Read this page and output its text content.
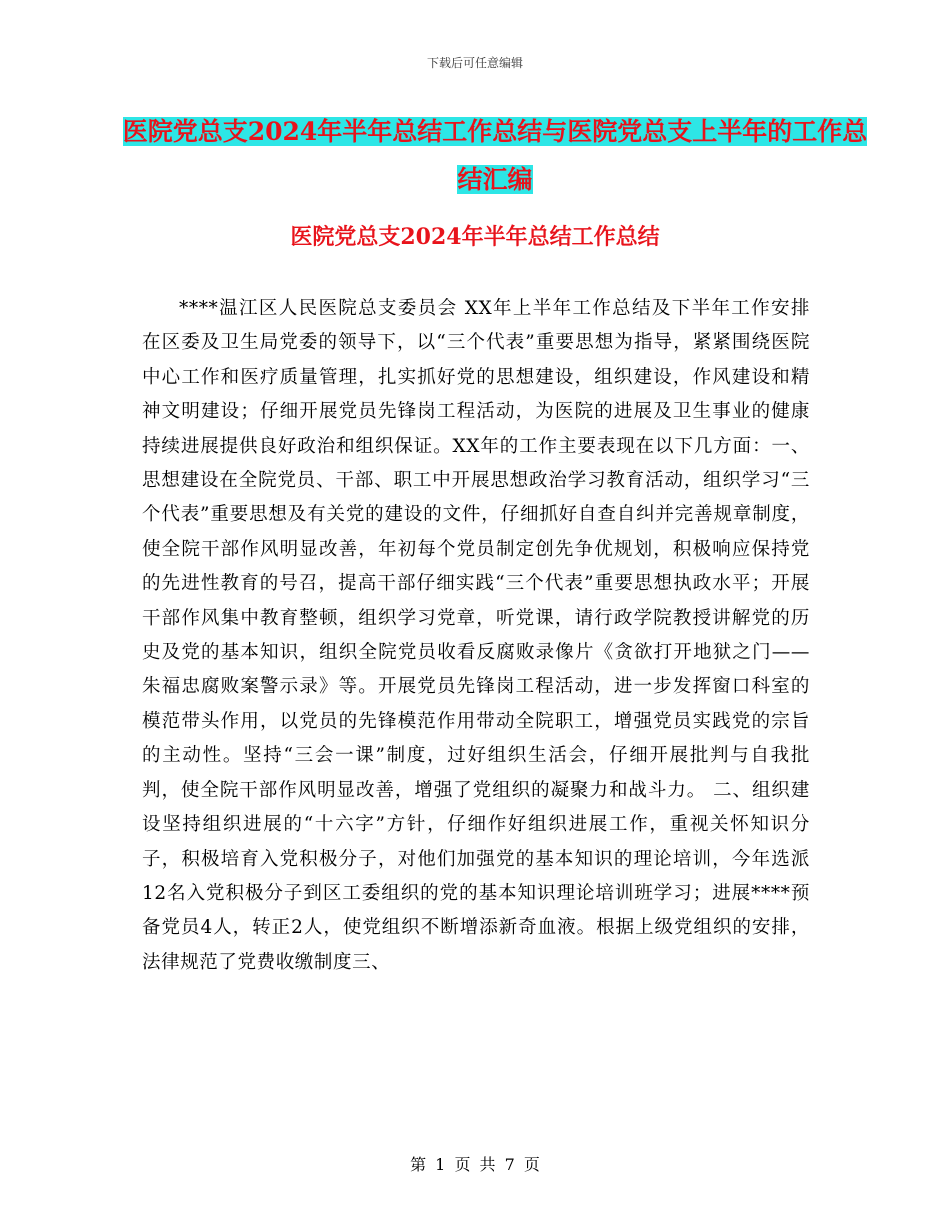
下载后可任意编辑
医院党总支2024年半年总结工作总结与医院党总支上半年的工作总结汇编
医院党总支2024年半年总结工作总结
****温江区人民医院总支委员会 XX年上半年工作总结及下半年工作安排 在区委及卫生局党委的领导下，以“三个代表”重要思想为指导，紧紧围绕医院中心工作和医疗质量管理，扎实抓好党的思想建设，组织建设，作风建设和精神文明建设；仔细开展党员先锋岗工程活动，为医院的进展及卫生事业的健康持续进展提供良好政治和组织保证。XX年的工作主要表现在以下几方面：一、思想建设在全院党员、干部、职工中开展思想政治学习教育活动，组织学习“三个代表”重要思想及有关党的建设的文件，仔细抓好自查自纠并完善规章制度，使全院干部作风明显改善，年初每个党员制定创先争优规划，积极响应保持党的先进性教育的号召，提高干部仔细实践“三个代表”重要思想执政水平；开展干部作风集中教育整顿，组织学习党章，听党课，请行政学院教授讲解党的历史及党的基本知识，组织全院党员收看反腐败录像片《贪欲打开地狱之门——朱福忠腐败案警示录》等。开展党员先锋岗工程活动，进一步发挥窗口科室的模范带头作用，以党员的先锋模范作用带动全院职工，增强党员实践党的宗旨的主动性。坚持“三会一课”制度，过好组织生活会，仔细开展批判与自我批判，使全院干部作风明显改善，增强了党组织的凝聚力和战斗力。 二、组织建设坚持组织进展的“十六字”方针，仔细作好组织进展工作，重视关怀知识分子，积极培育入党积极分子，对他们加强党的基本知识的理论培训，今年选派12名入党积极分子到区工委组织的党的基本知识理论培训班学习；进展****预备党员4人，转正2人，使党组织不断增添新奇血液。根据上级党组织的安排，法律规范了党费收缴制度三、
第 1 页 共 7 页
